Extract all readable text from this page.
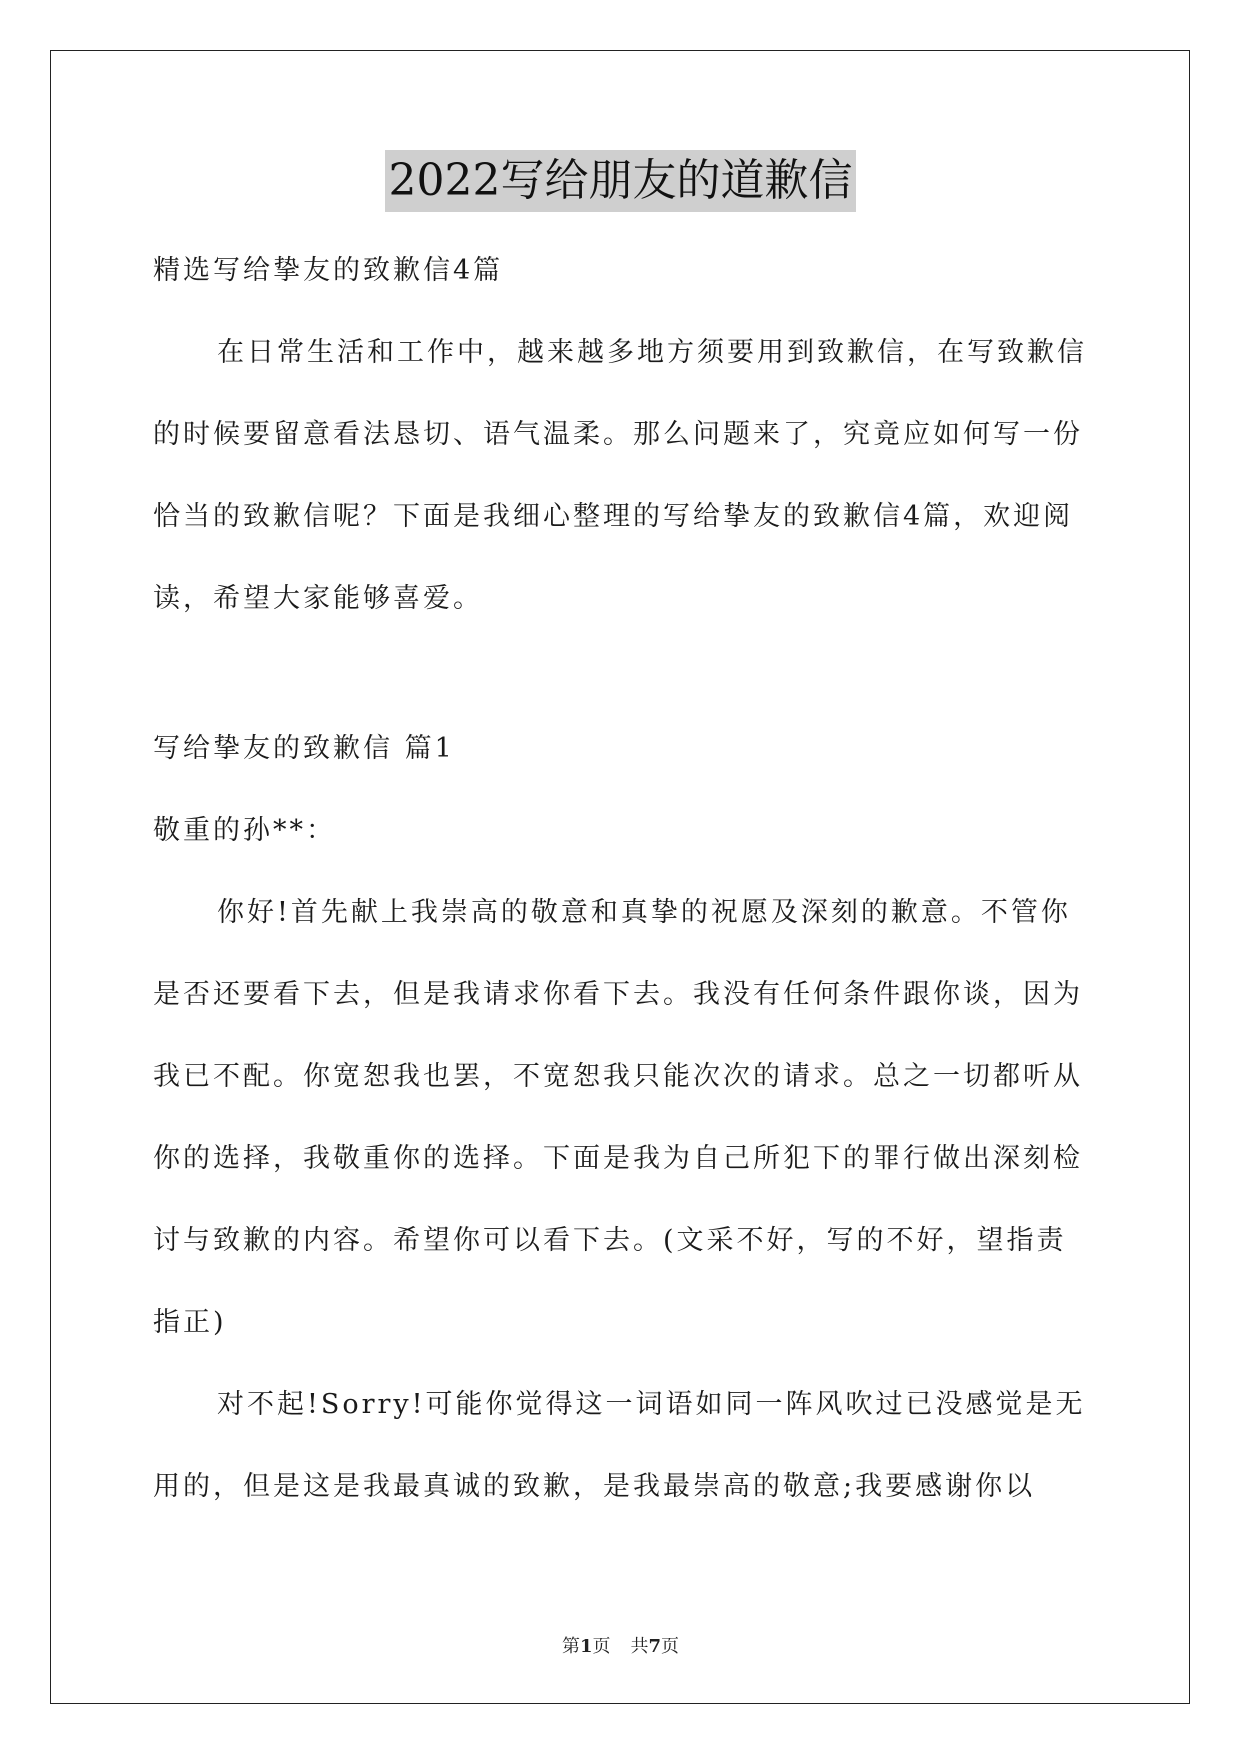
2022写给朋友的道歉信

精选写给挚友的致歉信4篇

在日常生活和工作中，越来越多地方须要用到致歉信，在写致歉信的时候要留意看法恳切、语气温柔。那么问题来了，究竟应如何写一份恰当的致歉信呢？下面是我细心整理的写给挚友的致歉信4篇，欢迎阅读，希望大家能够喜爱。

写给挚友的致歉信 篇1

敬重的孙**：

你好!首先献上我崇高的敬意和真挚的祝愿及深刻的歉意。不管你是否还要看下去，但是我请求你看下去。我没有任何条件跟你谈，因为我已不配。你宽恕我也罢，不宽恕我只能次次的请求。总之一切都听从你的选择，我敬重你的选择。下面是我为自己所犯下的罪行做出深刻检讨与致歉的内容。希望你可以看下去。(文采不好，写的不好，望指责指正)

对不起!Sorry!可能你觉得这一词语如同一阵风吹过已没感觉是无用的，但是这是我最真诚的致歉，是我最崇高的敬意;我要感谢你以

第1页 共7页
